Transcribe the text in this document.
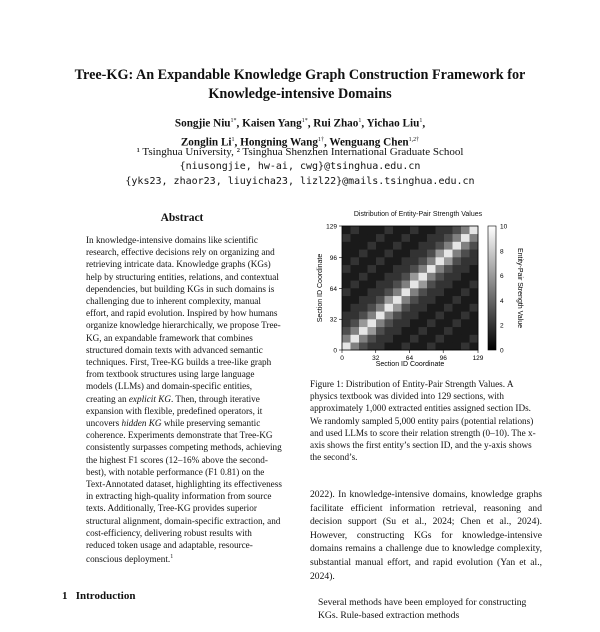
Tree-KG: An Expandable Knowledge Graph Construction Framework for
Knowledge-intensive Domains
Songjie Niu$^{1*}$, Kaisen Yang$^{1*}$, Rui Zhao$^1$, Yichao Liu$^1$,
Zonglin Li$^1$, Hongning Wang$^{1\dagger}$, Wenguang Chen$^{1,2\dagger}$
¹ Tsinghua University, ² Tsinghua Shenzhen International Graduate School
{niusongjie, hw-ai, cwg}@tsinghua.edu.cn
{yks23, zhaor23, liuyicha23, lizl22}@mails.tsinghua.edu.cn
Abstract

In knowledge-intensive domains like scientific research, effective decisions rely on organizing and retrieving intricate data. Knowledge graphs (KGs) help by structuring entities, relations, and contextual dependencies, but building KGs in such domains is challenging due to inherent complexity, manual effort, and rapid evolution. Inspired by how humans organize knowledge hierarchically, we propose Tree-KG, an expandable framework that combines structured domain texts with advanced semantic techniques. First, Tree-KG builds a tree-like graph from textbook structures using large language models (LLMs) and domain-specific entities, creating an explicit KG. Then, through iterative expansion with flexible, predefined operators, it uncovers hidden KG while preserving semantic coherence. Experiments demonstrate that Tree-KG consistently surpasses competing methods, achieving the highest F1 scores (12–16% above the second-best), with notable performance (F1 0.81) on the Text-Annotated dataset, highlighting its effectiveness in extracting high-quality information from source texts. Additionally, Tree-KG provides superior structural alignment, domain-specific extraction, and cost-efficiency, delivering robust results with reduced token usage and adaptable, resource-conscious deployment.$^1$

1 Introduction
Distribution of Entity-Pair Strength Values
0	32	64	96	129
0
32
64
96
129
Section ID Coordinate
Section ID Coordinate
0
2
4
6
8
10
Entity-Pair Strength Value

Figure 1: Distribution of Entity-Pair Strength Values. A physics textbook was divided into 129 sections, with approximately 1,000 extracted entities assigned section IDs. We randomly sampled 5,000 entity pairs (potential relations) and used LLMs to score their relation strength (0–10). The x-axis shows the first entity’s section ID, and the y-axis shows the second’s.

2022). In knowledge-intensive domains, knowledge graphs facilitate efficient information retrieval, reasoning and decision support (Su et al., 2024; Chen et al., 2024). However, constructing KGs for knowledge-intensive domains remains a challenge due to knowledge complexity, substantial manual effort, and rapid evolution (Yan et al., 2024).

Several methods have been employed for constructing KGs. Rule-based extraction methods
